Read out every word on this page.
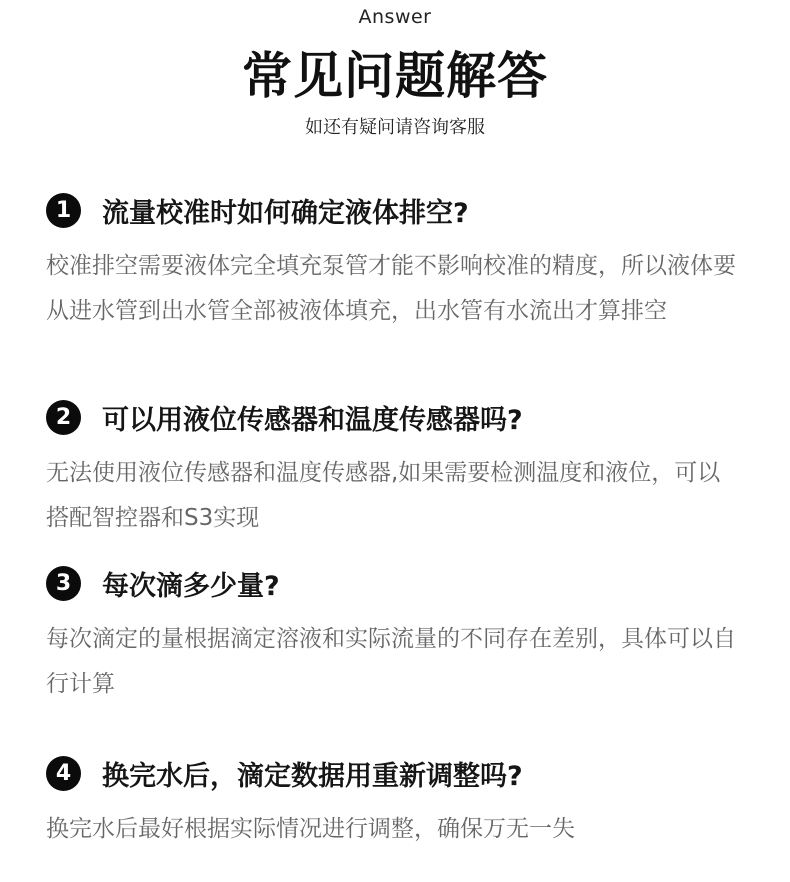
Answer
常见问题解答
如还有疑问请咨询客服
1	流量校准时如何确定液体排空?
校准排空需要液体完全填充泵管才能不影响校准的精度，所以液体要从进水管到出水管全部被液体填充，出水管有水流出才算排空
2	可以用液位传感器和温度传感器吗?
无法使用液位传感器和温度传感器,如果需要检测温度和液位，可以搭配智控器和S3实现
3	每次滴多少量?
每次滴定的量根据滴定溶液和实际流量的不同存在差别，具体可以自行计算
4	换完水后，滴定数据用重新调整吗?
换完水后最好根据实际情况进行调整，确保万无一失
